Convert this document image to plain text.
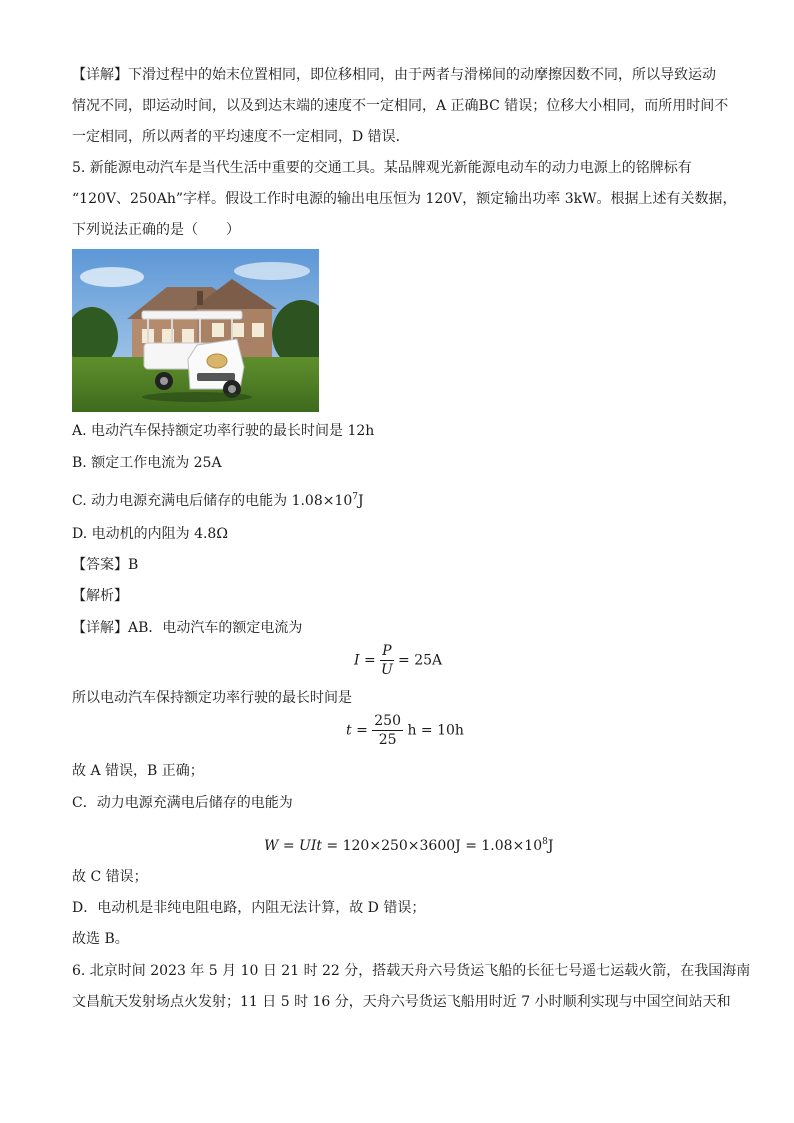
【详解】下滑过程中的始末位置相同，即位移相同，由于两者与滑梯间的动摩擦因数不同，所以导致运动
情况不同，即运动时间，以及到达末端的速度不一定相同，A 正确BC 错误；位移大小相同，而所用时间不
一定相同，所以两者的平均速度不一定相同，D 错误．
5. 新能源电动汽车是当代生活中重要的交通工具。某品牌观光新能源电动车的动力电源上的铭牌标有
“120V、250Ah”字样。假设工作时电源的输出电压恒为 120V，额定输出功率 3kW。根据上述有关数据，
下列说法正确的是（　　）
A. 电动汽车保持额定功率行驶的最长时间是 12h
B. 额定工作电流为 25A
C. 动力电源充满电后储存的电能为 $1.08\times 10^7J$
D. 电动机的内阻为 4.8Ω
【答案】B
【解析】
【详解】AB．电动汽车的额定电流为
$I = \frac{P}{U} = 25A$
所以电动汽车保持额定功率行驶的最长时间是
$t = \frac{250}{25}$ h = 10h
故 A 错误，B 正确；
C．动力电源充满电后储存的电能为
W = UIt = $120\times 250\times 3600J = 1.08\times 10^8J$
故 C 错误；
D．电动机是非纯电阻电路，内阻无法计算，故 D 错误；
故选 B。
6. 北京时间 2023 年 5 月 10 日 21 时 22 分，搭载天舟六号货运飞船的长征七号遥七运载火箭，在我国海南
文昌航天发射场点火发射；11 日 5 时 16 分，天舟六号货运飞船用时近 7 小时顺利实现与中国空间站天和
